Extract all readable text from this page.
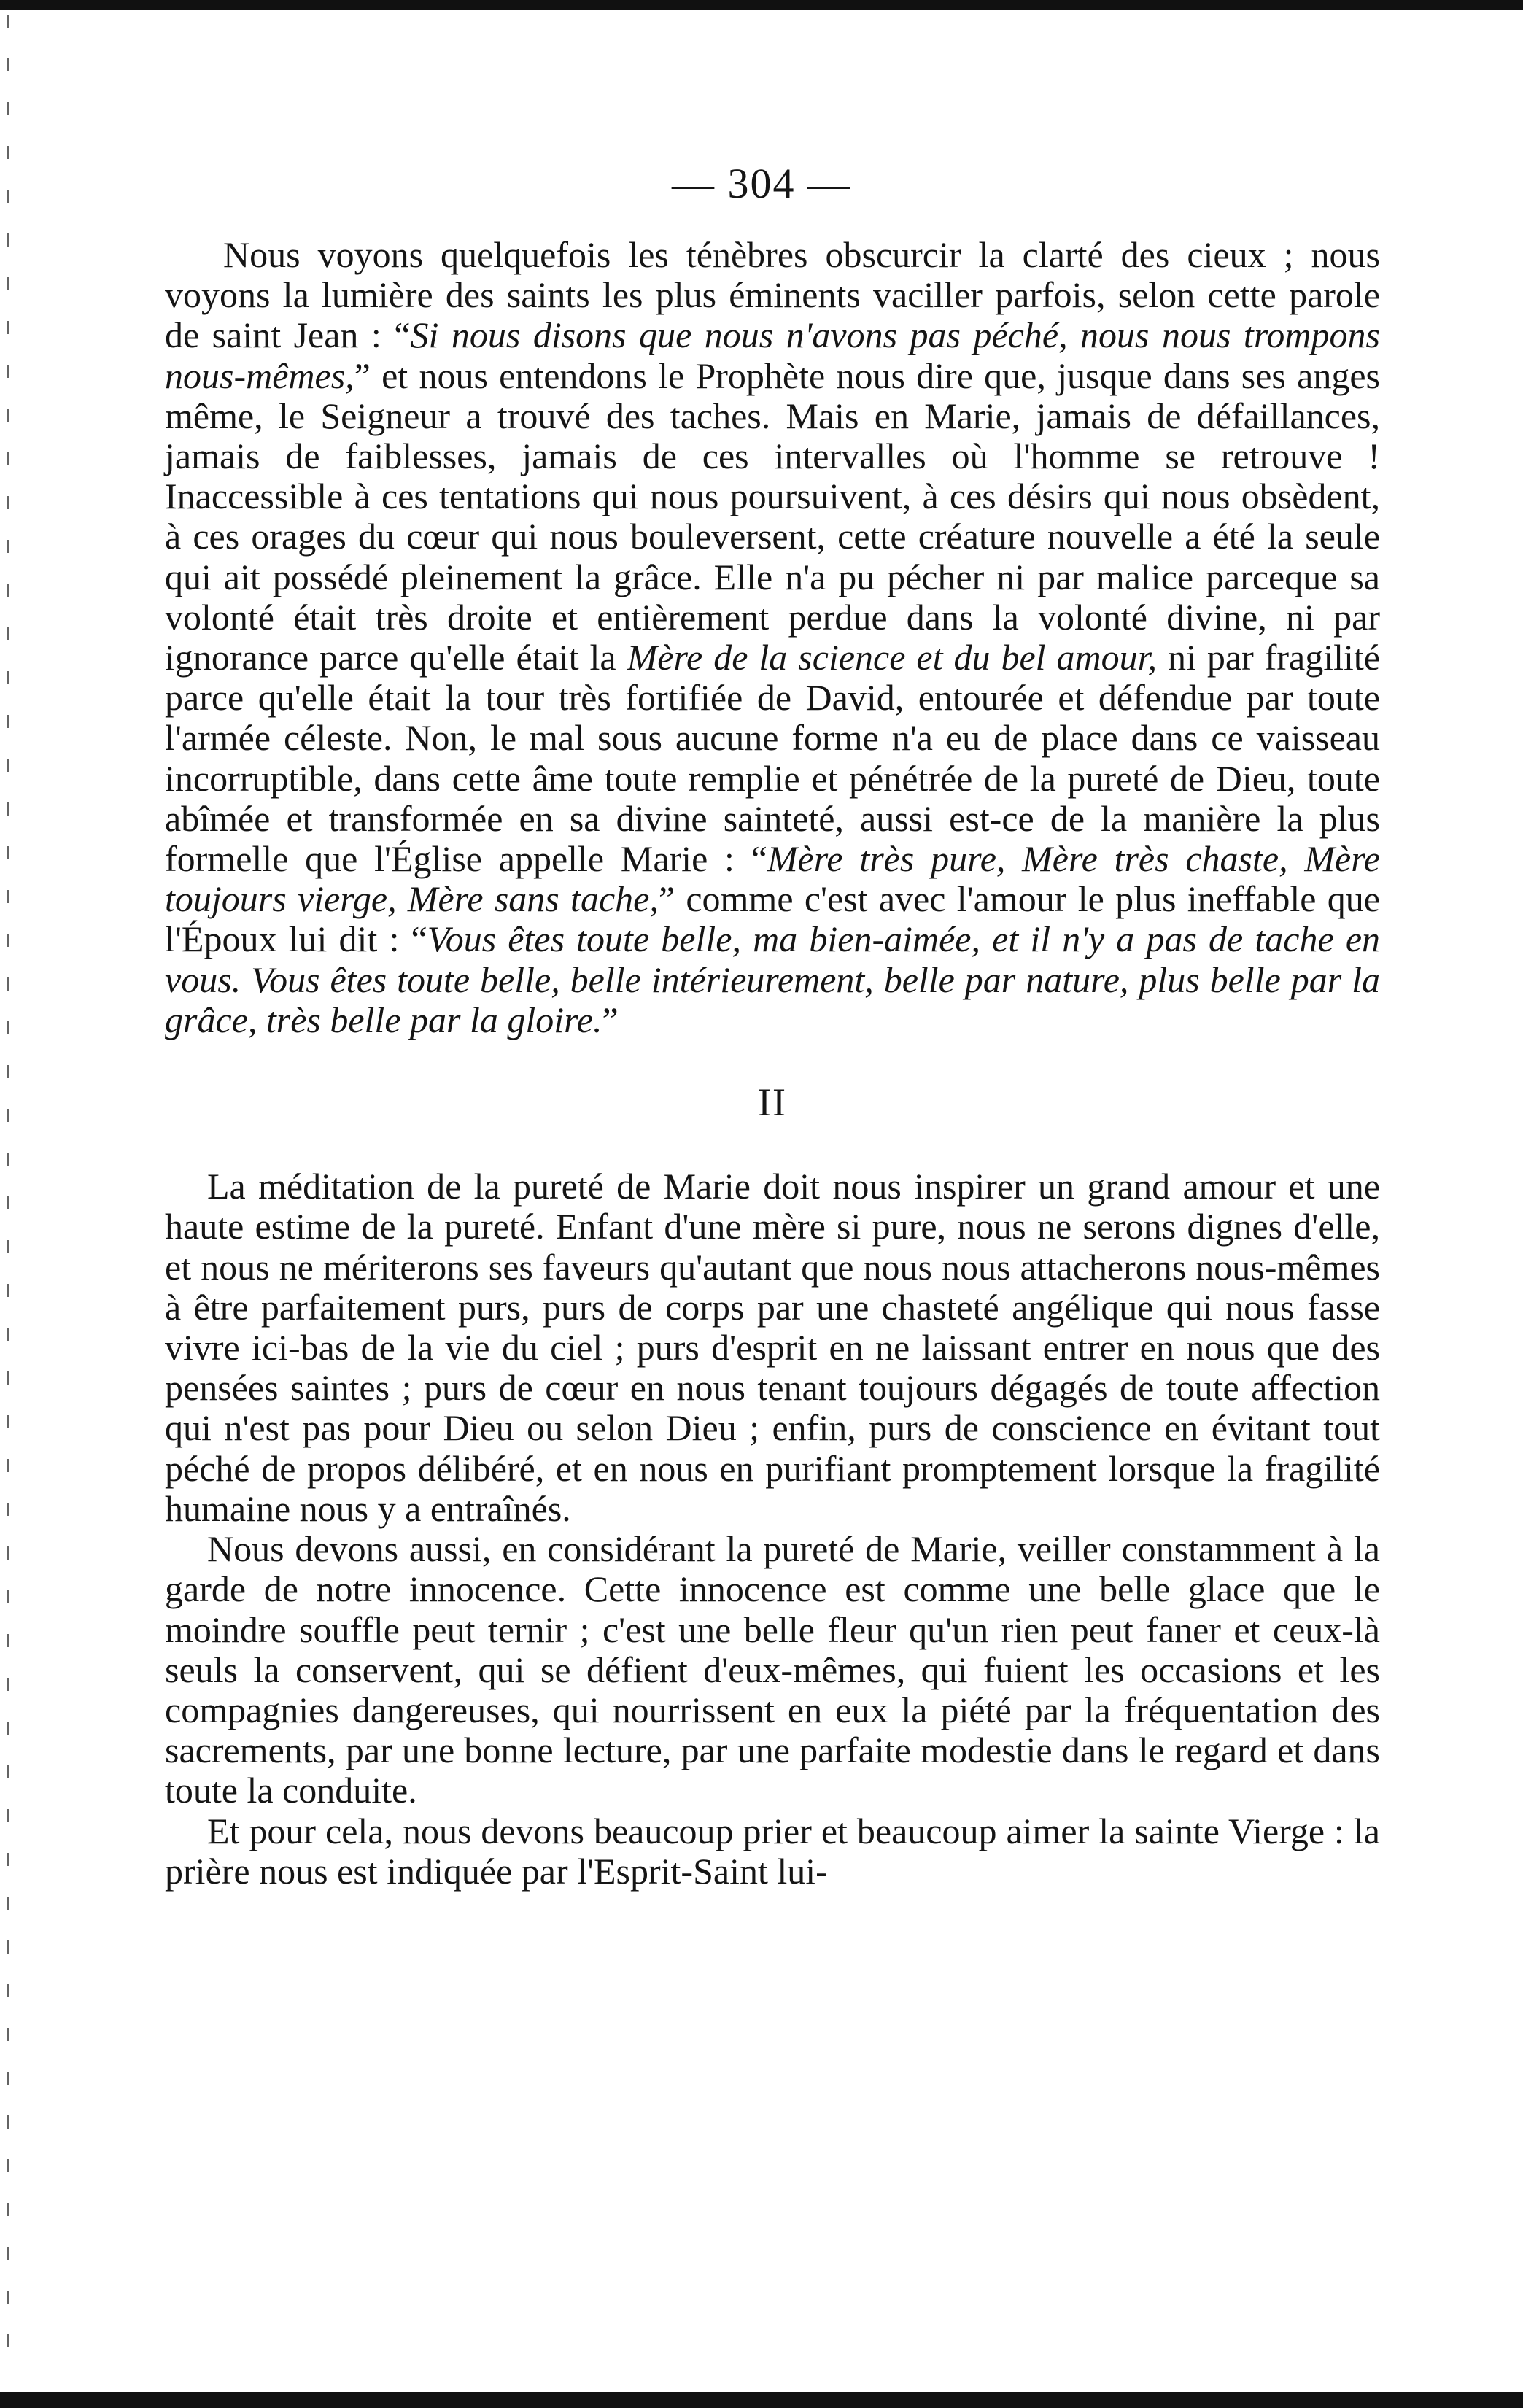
— 304 —

Nous voyons quelquefois les ténèbres obscurcir la clarté des cieux ; nous voyons la lumière des saints les plus éminents vaciller parfois, selon cette parole de saint Jean : “Si nous disons que nous n'avons pas péché, nous nous trompons nous-mêmes,” et nous entendons le Prophète nous dire que, jusque dans ses anges même, le Seigneur a trouvé des taches. Mais en Marie, jamais de défaillances, jamais de faiblesses, jamais de ces intervalles où l'homme se retrouve ! Inaccessible à ces tentations qui nous poursuivent, à ces désirs qui nous obsèdent, à ces orages du cœur qui nous bouleversent, cette créature nouvelle a été la seule qui ait possédé pleinement la grâce. Elle n'a pu pécher ni par malice parceque sa volonté était très droite et entièrement perdue dans la volonté divine, ni par ignorance parce qu'elle était la Mère de la science et du bel amour, ni par fragilité parce qu'elle était la tour très fortifiée de David, entourée et défendue par toute l'armée céleste. Non, le mal sous aucune forme n'a eu de place dans ce vaisseau incorruptible, dans cette âme toute remplie et pénétrée de la pureté de Dieu, toute abîmée et transformée en sa divine sainteté, aussi est-ce de la manière la plus formelle que l'Église appelle Marie : “Mère très pure, Mère très chaste, Mère toujours vierge, Mère sans tache,” comme c'est avec l'amour le plus ineffable que l'Époux lui dit : “Vous êtes toute belle, ma bien-aimée, et il n'y a pas de tache en vous. Vous êtes toute belle, belle intérieurement, belle par nature, plus belle par la grâce, très belle par la gloire.”

II

La méditation de la pureté de Marie doit nous inspirer un grand amour et une haute estime de la pureté. Enfant d'une mère si pure, nous ne serons dignes d'elle, et nous ne mériterons ses faveurs qu'autant que nous nous attacherons nous-mêmes à être parfaitement purs, purs de corps par une chasteté angélique qui nous fasse vivre ici-bas de la vie du ciel ; purs d'esprit en ne laissant entrer en nous que des pensées saintes ; purs de cœur en nous tenant toujours dégagés de toute affection qui n'est pas pour Dieu ou selon Dieu ; enfin, purs de conscience en évitant tout péché de propos délibéré, et en nous en purifiant promptement lorsque la fragilité humaine nous y a entraînés.

Nous devons aussi, en considérant la pureté de Marie, veiller constamment à la garde de notre innocence. Cette innocence est comme une belle glace que le moindre souffle peut ternir ; c'est une belle fleur qu'un rien peut faner et ceux-là seuls la conservent, qui se défient d'eux-mêmes, qui fuient les occasions et les compagnies dangereuses, qui nourrissent en eux la piété par la fréquentation des sacrements, par une bonne lecture, par une parfaite modestie dans le regard et dans toute la conduite.

Et pour cela, nous devons beaucoup prier et beaucoup aimer la sainte Vierge : la prière nous est indiquée par l'Esprit-Saint lui-
